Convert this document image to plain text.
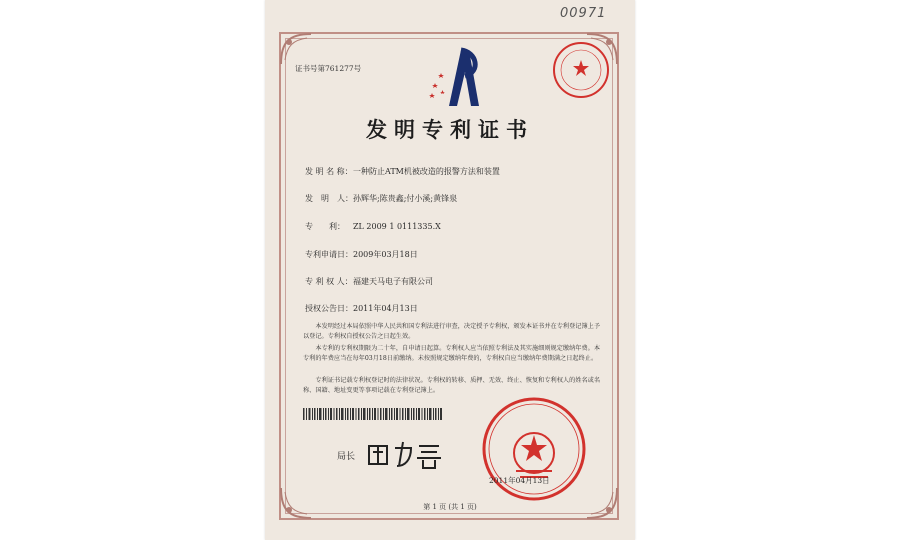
00971
证书号第761277号
发明专利证书
发 明 名 称：一种防止ATM机被改造的报警方法和装置
发　明　人：孙辉华;陈贵鑫;付小溪;黄锋泉
专　　利： ZL 2009 1 0111335.X
专利申请日：2009年03月18日
专 利 权 人：福建天马电子有限公司
授权公告日：2011年04月13日
本发明经过本局依照中华人民共和国专利法进行审查，决定授予专利权，颁发本证书并在专利登记簿上予以登记。专利权自授权公告之日起生效。
本专利的专利权期限为二十年，自申请日起算。专利权人应当依照专利法及其实施细则规定缴纳年费。本专利的年费应当在每年03月18日前缴纳。未按照规定缴纳年费的，专利权自应当缴纳年费期满之日起终止。
专利证书记载专利权登记时的法律状况。专利权的转移、质押、无效、终止、恢复和专利权人的姓名或名称、国籍、地址变更等事项记载在专利登记簿上。
局长
2011年04月13日
第 1 页 (共 1 页)
